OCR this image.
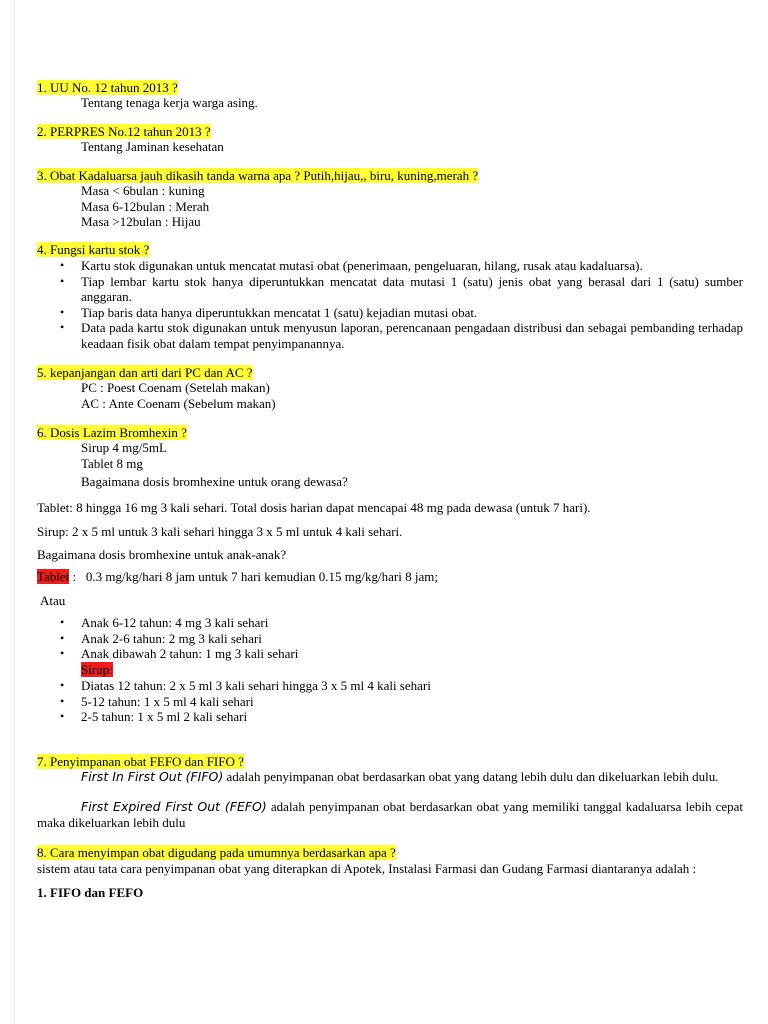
1. UU No. 12 tahun 2013 ?
Tentang tenaga kerja warga asing.
2. PERPRES No.12 tahun 2013 ?
Tentang Jaminan kesehatan
3. Obat Kadaluarsa jauh dikasih tanda warna apa ? Putih,hijau,, biru, kuning,merah ?
Masa < 6bulan : kuning
Masa 6-12bulan : Merah
Masa >12bulan : Hijau
4. Fungsi kartu stok ?
• Kartu stok digunakan untuk mencatat mutasi obat (penerimaan, pengeluaran, hilang, rusak atau kadaluarsa).
• Tiap lembar kartu stok hanya diperuntukkan mencatat data mutasi 1 (satu) jenis obat yang berasal dari 1 (satu) sumber anggaran.
• Tiap baris data hanya diperuntukkan mencatat 1 (satu) kejadian mutasi obat.
• Data pada kartu stok digunakan untuk menyusun laporan, perencanaan pengadaan distribusi dan sebagai pembanding terhadap keadaan fisik obat dalam tempat penyimpanannya.
5. kepanjangan dan arti dari PC dan AC ?
PC : Poest Coenam (Setelah makan)
AC : Ante Coenam (Sebelum makan)
6. Dosis Lazim Bromhexin ?
Sirup 4 mg/5mL
Tablet 8 mg
Bagaimana dosis bromhexine untuk orang dewasa?
Tablet: 8 hingga 16 mg 3 kali sehari. Total dosis harian dapat mencapai 48 mg pada dewasa (untuk 7 hari).
Sirup: 2 x 5 ml untuk 3 kali sehari hingga 3 x 5 ml untuk 4 kali sehari.
Bagaimana dosis bromhexine untuk anak-anak?
Tablet : 0.3 mg/kg/hari 8 jam untuk 7 hari kemudian 0.15 mg/kg/hari 8 jam;
Atau
• Anak 6-12 tahun: 4 mg 3 kali sehari
• Anak 2-6 tahun: 2 mg 3 kali sehari
• Anak dibawah 2 tahun: 1 mg 3 kali sehari
Sirup:
• Diatas 12 tahun: 2 x 5 ml 3 kali sehari hingga 3 x 5 ml 4 kali sehari
• 5-12 tahun: 1 x 5 ml 4 kali sehari
• 2-5 tahun: 1 x 5 ml 2 kali sehari
7. Penyimpanan obat FEFO dan FIFO ?
First In First Out (FIFO) adalah penyimpanan obat berdasarkan obat yang datang lebih dulu dan dikeluarkan lebih dulu.
First Expired First Out (FEFO) adalah penyimpanan obat berdasarkan obat yang memiliki tanggal kadaluarsa lebih cepat maka dikeluarkan lebih dulu
8. Cara menyimpan obat digudang pada umumnya berdasarkan apa ?
sistem atau tata cara penyimpanan obat yang diterapkan di Apotek, Instalasi Farmasi dan Gudang Farmasi diantaranya adalah :
1. FIFO dan FEFO
